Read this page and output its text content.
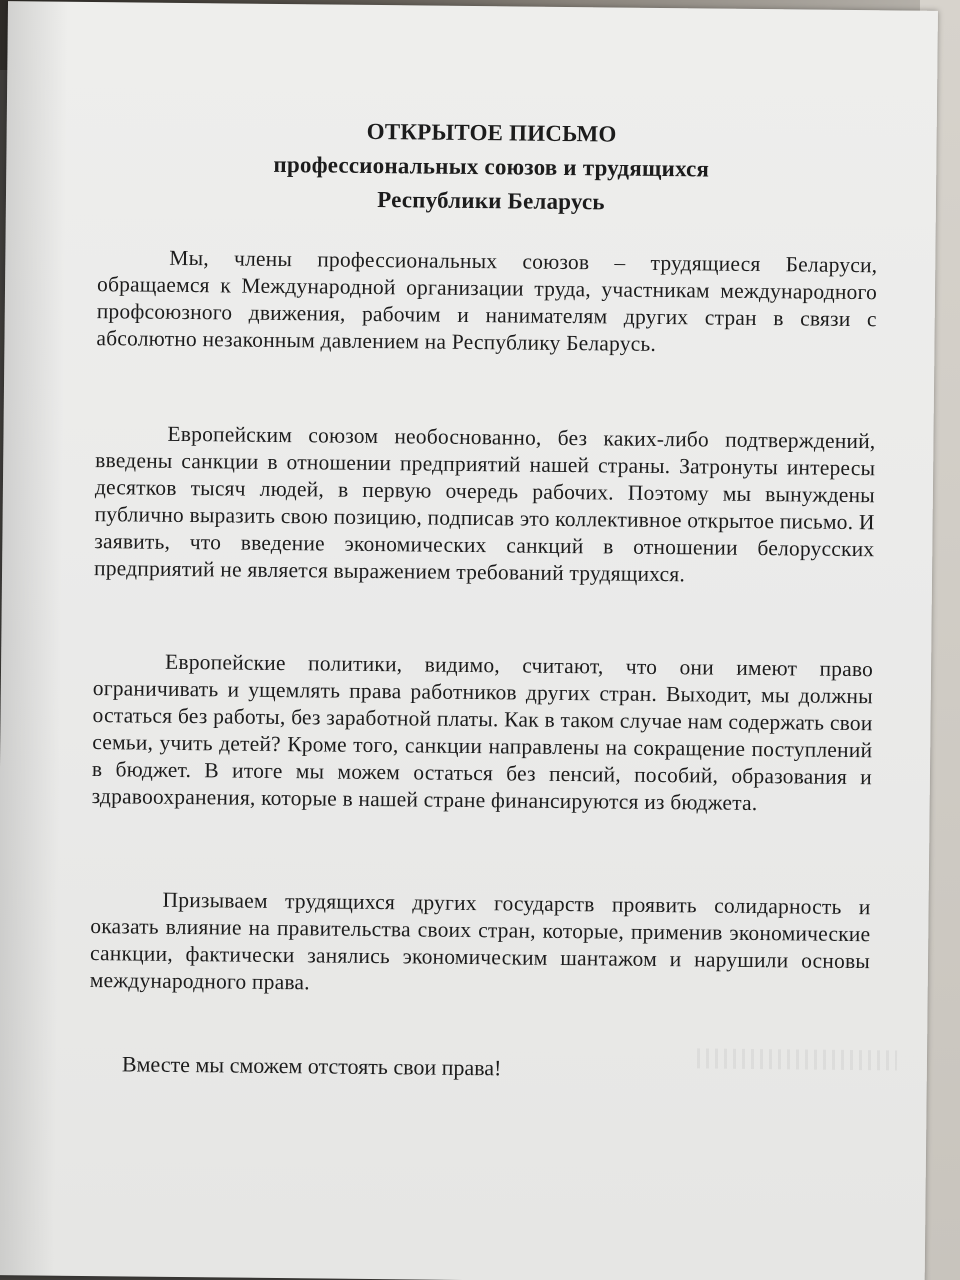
ОТКРЫТОЕ ПИСЬМО
профессиональных союзов и трудящихся
Республики Беларусь
Мы, члены профессиональных союзов – трудящиеся Беларуси, обращаемся к Международной организации труда, участникам международного профсоюзного движения, рабочим и нанимателям других стран в связи с абсолютно незаконным давлением на Республику Беларусь.
Европейским союзом необоснованно, без каких-либо подтверждений, введены санкции в отношении предприятий нашей страны. Затронуты интересы десятков тысяч людей, в первую очередь рабочих. Поэтому мы вынуждены публично выразить свою позицию, подписав это коллективное открытое письмо. И заявить, что введение экономических санкций в отношении белорусских предприятий не является выражением требований трудящихся.
Европейские политики, видимо, считают, что они имеют право ограничивать и ущемлять права работников других стран. Выходит, мы должны остаться без работы, без заработной платы. Как в таком случае нам содержать свои семьи, учить детей? Кроме того, санкции направлены на сокращение поступлений в бюджет. В итоге мы можем остаться без пенсий, пособий, образования и здравоохранения, которые в нашей стране финансируются из бюджета.
Призываем трудящихся других государств проявить солидарность и оказать влияние на правительства своих стран, которые, применив экономические санкции, фактически занялись экономическим шантажом и нарушили основы международного права.
Вместе мы сможем отстоять свои права!
